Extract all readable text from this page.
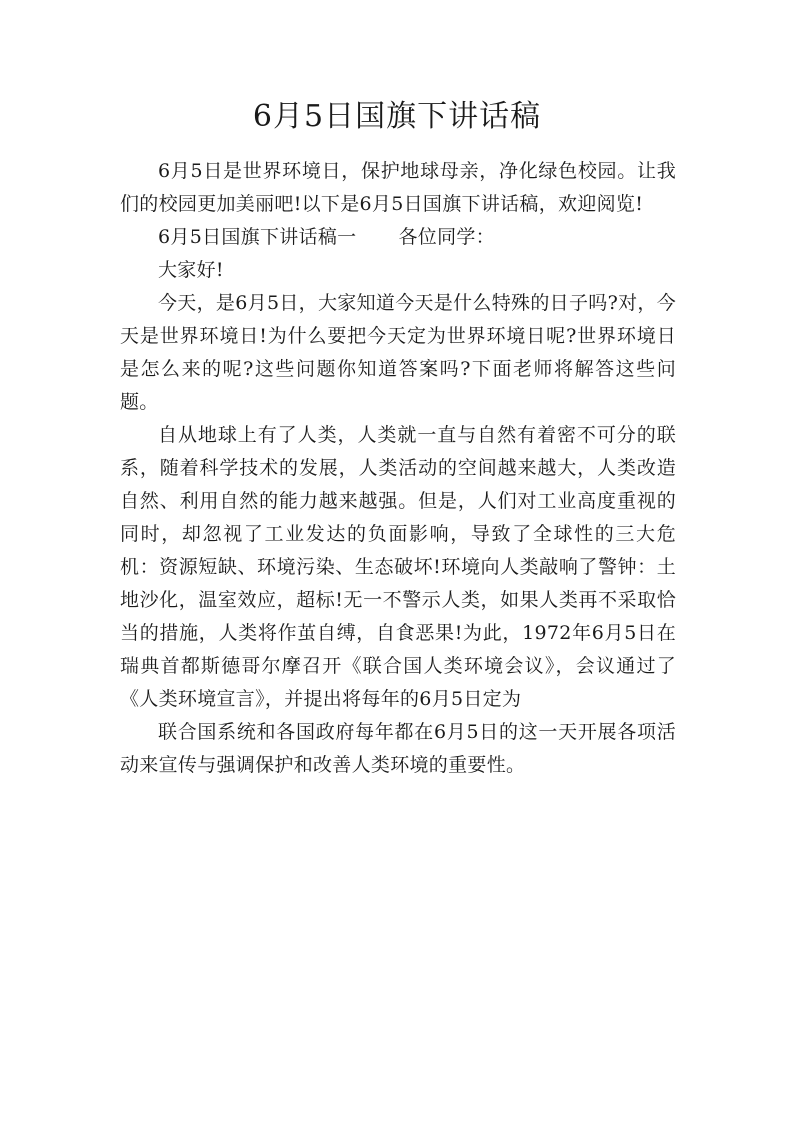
6月5日国旗下讲话稿

6月5日是世界环境日，保护地球母亲，净化绿色校园。让我们的校园更加美丽吧!以下是6月5日国旗下讲话稿，欢迎阅览!

6月5日国旗下讲话稿一 各位同学：

大家好!

今天，是6月5日，大家知道今天是什么特殊的日子吗?对，今天是世界环境日!为什么要把今天定为世界环境日呢?世界环境日是怎么来的呢?这些问题你知道答案吗?下面老师将解答这些问题。

自从地球上有了人类，人类就一直与自然有着密不可分的联系，随着科学技术的发展，人类活动的空间越来越大，人类改造自然、利用自然的能力越来越强。但是，人们对工业高度重视的同时，却忽视了工业发达的负面影响，导致了全球性的三大危机：资源短缺、环境污染、生态破坏!环境向人类敲响了警钟：土地沙化，温室效应，超标!无一不警示人类，如果人类再不采取恰当的措施，人类将作茧自缚，自食恶果!为此，1972年6月5日在瑞典首都斯德哥尔摩召开《联合国人类环境会议》，会议通过了《人类环境宣言》，并提出将每年的6月5日定为

联合国系统和各国政府每年都在6月5日的这一天开展各项活动来宣传与强调保护和改善人类环境的重要性。
